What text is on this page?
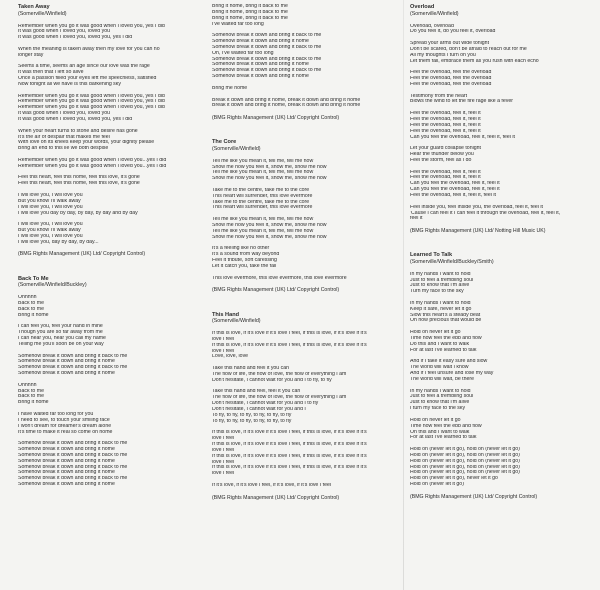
Taken Away
(Somerville/Winfield)
Remember when you go it was good when I loved you, yes I did
It was good when I loved you, loved you
It was good when I loved you, loved you, yes I did
When the meaning is taken away then my love for you can no
longer stay
Seems a time, seems an age since our love was the rage
It was then that I left so alive
Once a passion filled your eyes left me speechless, satisfied
Now tonight all we have is this darkening sky
Remember when you go it was good when I loved you, yes I did
Remember when you go it was good when I loved you, yes I did
Remember when you go it was good when I loved you, yes I did
It was good when I loved you, loved you
It was good when I loved you, loved you, yes I did
When your heart turns to stone and desire has gone
It's the air of despair that makes me feel
With love on its knees keep your words, your dignity please
Bring an end to this lie we both despise
Remember when you go it was good when I loved you...yes I did
Remember when you go it was good when I loved you...yes I did
Feel this heart, feel this home, feel this love, it's gone
Feel this heart, feel this home, feel this love, it's gone
I will love you, I will love you
But you know I'll walk away
I will love you, I will love you
I will love you day by day, by day, by day and by day
I will love you, I will love you
But you know I'll walk away
I will love you, I will love you
I will love you, day by day, by day...
(BMG Rights Management (UK) Ltd/ Copyright Control)
Back To Me
(Somerville/Winfield/Buckley)
Ohhhhh
Back to me
Back to me
Bring it home
I can feel you, feel your hand in mine
Though you are so far away from me
I can hear you, hear you call my name
Telling me you'll soon be on your way
Somehow break it down and bring it back to me
Somehow break it down and bring it home
Somehow break it down and bring it back to me
Somehow break it down and bring it home
Ohhhhh
Back to me
Back to me
Bring it home
I have waited far too long for you
I need to see, to touch your smiling face
I won't dream for dreamer's dream alone
It's time to make it real so come on home
Somehow break it down and bring it back to me
Somehow break it down and bring it home
Somehow break it down and bring it back to me
Somehow break it down and bring it home
Somehow break it down and bring it back to me
Somehow break it down and bring it home
Somehow break it down and bring it back to me
Somehow break it down and bring it home
Bring it home, bring it back to me
Bring it home, bring it back to me
Bring it home, bring it back to me
I've waited far too long
Somehow break it down and bring it back to me
Somehow break it down and bring it home
Somehow break it down and bring it back to me
Oh, I've waited far too long
Somehow break it down and bring it back to me
Somehow break it down and bring it home
Somehow break it down and bring it back to me
Somehow break it down and bring it home
Bring me home
Break it down and bring it home, break it down and bring it home
Break it down and bring it home, break it down and bring it home
(BMG Rights Management (UK) Ltd/ Copyright Control)
The Core
(Somerville/Winfield)
Tell me like you mean it, tell me, tell me now
Show me how you feel it, show me, show me how
Tell me like you mean it, tell me, tell me now
Show me how you feel it, show me, show me how
Take me to the centre, take me to the core
This heart will surrender, this love evermore
Take me to the centre, take me to the core
This heart will surrender, this love evermore
Tell me like you mean it, tell me, tell me now
Show me how you feel it, show me, show me how
Tell me like you mean it, tell me, tell me now
Show me how you feel it, show me, show me how
It's a feeling like no other
It's a sound from way beyond
Feel it tribute, soft caressing
Let it catch you, take the fall
This love evermore, this love evermore, this love evermore
(BMG Rights Management (UK) Ltd/ Copyright Control)
This Hand
(Somerville/Winfield)
If this is love, if it's love if it's love I feel, if this is love, if it's love if it's
love I feel
If this is love, if it's love if it's love I feel, if this is love, if it's love if it's
love I feel
Love, love, love
Take this hand and feel it you can
The flow of life, the flow of love, the flow of everything I am
Don't hesitate, I cannot wait for you and I to fly, to fly
Take this hand and feel, feel it you can
The flow of life, the flow of love, the flow of everything I am
Don't hesitate, I cannot wait for you and I to fly
Don't hesitate, I cannot wait for you and I
To fly, to fly, to fly, to fly, to fly, to fly
To fly, to fly, to fly, to fly, to fly, to fly
If this is love, if it's love if it's love I feel, if this is love, if it's love if it's
love I feel
If this is love, if it's love if it's love I feel, if this is love, if it's love if it's
love I feel
If this is love, if it's love if it's love I feel, if this is love, if it's love if it's
love I feel
If this is love, if it's love if it's love I feel, if this is love, if it's love if it's
love I feel
If it's love, if it's love I feel, if it's love, if it's love I feel
(BMG Rights Management (UK) Ltd/ Copyright Control)
Overload
(Somerville/Winfield)
Overload, overload
Do you feel it, do you feel it, overload
Spread your arms out wide tonight
Don't be scared, don't be afraid to reach out for me
All my thoughts I turn on you
Let them fall, embrace them as you rush with each echo
Feel the overload, feel the overload
Feel the overload, feel the overload
Feel the overload, feel the overload
Testimony from the heart
Blows the wind to let the fire rage like a fever
Feel the overload, feel it, feel it
Feel the overload, feel it, feel it
Feel the overload, feel it, feel it
Feel the overload, feel it, feel it
Can you feel the overload, feel it, feel it, feel it
Let your guard collapse tonight
Hear the thunder below you
Feel the storm, feel as I do
Feel the overload, feel it, feel it
Feel the overload, feel it, feel it
Can you feel the overload, feel it, feel it
Can you feel the overload, feel it, feel it
Feel the overload, feel it, feel it, feel it
Feel inside you, feel inside you, the overload, feel it, feel it
'Cause I can feel it I can feel it through the overload, feel it, feel it,
feel it
(BMG Rights Management (UK) Ltd/ Notting Hill Music UK)
Learned To Talk
(Somerville/Winfield/Buckley/Smith)
In my hands I want to hold
Just to feel a trembling soul
Just to know that I'm alive
Turn my face to the sky
In my hands I want to hold
Keep it safe, never let it go
Slow this heart's a steady beat
Oh how precious that would be
Hold on never let it go
Time now feel the ebb and flow
Do this and I want to walk
For at last I've learned to talk
And if I take it easy sure and slow
The world will wait I know
And if I feel unsure and lose my way
The world will wait, be there
In my hands I want to hold
Just to feel a trembling soul
Just to know that I'm alive
I turn my face to the sky
Hold on never let it go
Time now feel the ebb and flow
On this and I want to walk
For at last I've learned to talk
Hold on (never let it go), hold on (never let it go)
Hold on (never let it go), hold on (never let it go)
Hold on (never let it go), hold on (never let it go)
Hold on (never let it go), hold on (never let it go)
Hold on (never let it go), hold on (never let it go)
Hold on (never let it go), never let it go
Hold on (never let it go)
(BMG Rights Management (UK) Ltd/ Copyright Control)
